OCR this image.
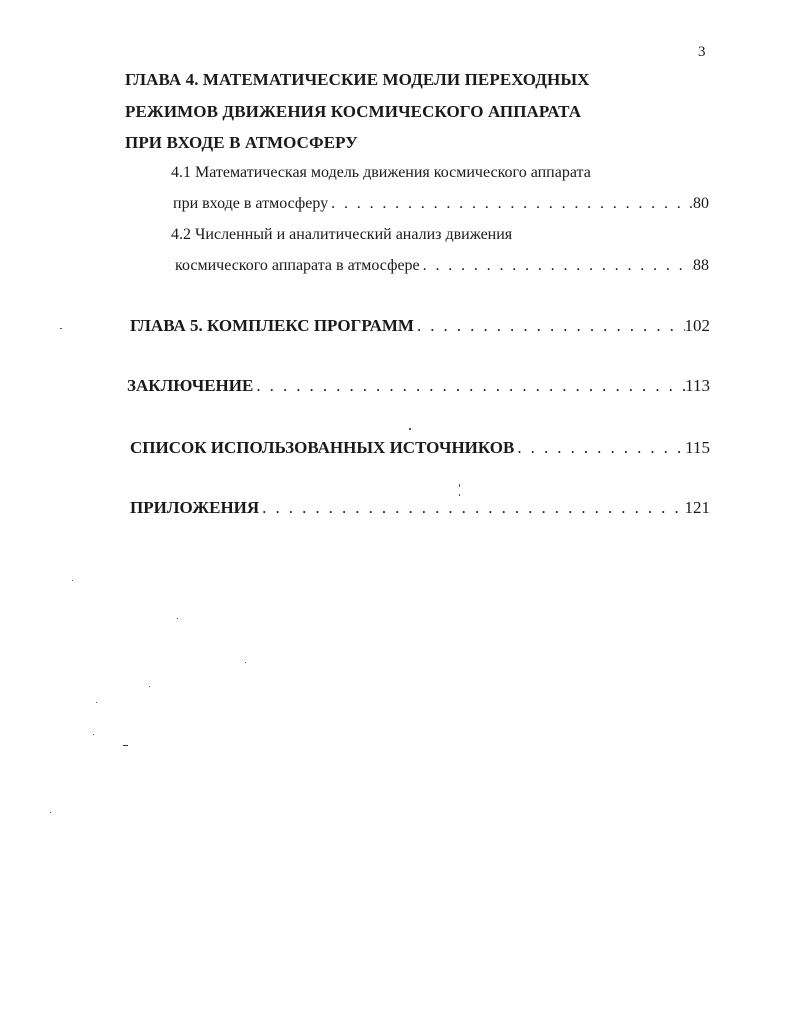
3
ГЛАВА 4. МАТЕМАТИЧЕСКИЕ МОДЕЛИ ПЕРЕХОДНЫХ
РЕЖИМОВ ДВИЖЕНИЯ КОСМИЧЕСКОГО АППАРАТА
ПРИ ВХОДЕ В АТМОСФЕРУ
4.1 Математическая модель движения космического аппарата
при входе в атмосферу . . .	.80
4.2 Численный и аналитический анализ движения
космического аппарата в атмосфере . . .	88
ГЛАВА 5. КОМПЛЕКС ПРОГРАММ . . .	102
ЗАКЛЮЧЕНИЕ . . .	113
СПИСОК ИСПОЛЬЗОВАННЫХ ИСТОЧНИКОВ . . .	115
ПРИЛОЖЕНИЯ . . .	121
